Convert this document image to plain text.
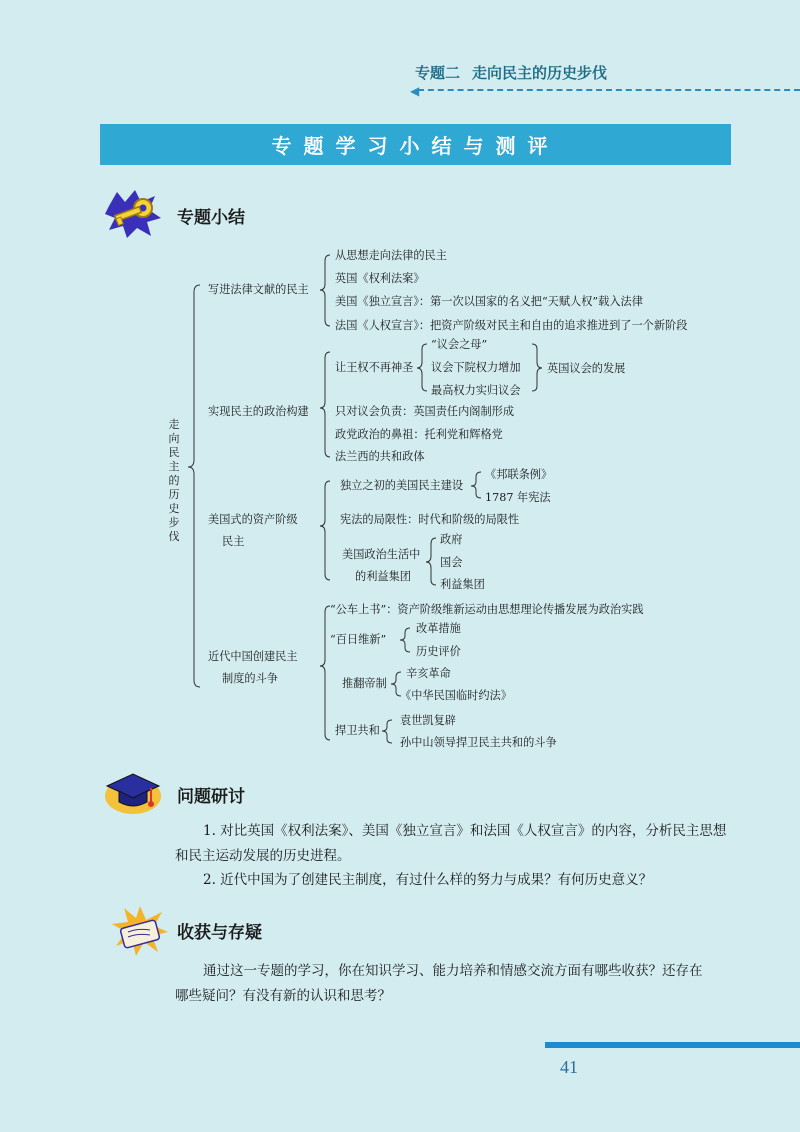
专题二 走向民主的历史步伐
◀
专题学习小结与测评
专题小结
走向民主的历史步伐
写进法律文献的民主
从思想走向法律的民主
英国《权利法案》
美国《独立宣言》：第一次以国家的名义把“天赋人权”载入法律
法国《人权宣言》：把资产阶级对民主和自由的追求推进到了一个新阶段
实现民主的政治构建
让王权不再神圣
“议会之母”
议会下院权力增加
最高权力实归议会
英国议会的发展
只对议会负责：英国责任内阁制形成
政党政治的鼻祖：托利党和辉格党
法兰西的共和政体
美国式的资产阶级
民主
独立之初的美国民主建设
《邦联条例》
1787 年宪法
宪法的局限性：时代和阶级的局限性
美国政治生活中
的利益集团
政府
国会
利益集团
近代中国创建民主
制度的斗争
“公车上书”：资产阶级维新运动由思想理论传播发展为政治实践
“百日维新”
改革措施
历史评价
推翻帝制
辛亥革命
《中华民国临时约法》
捍卫共和
袁世凯复辟
孙中山领导捍卫民主共和的斗争
问题研讨
1. 对比英国《权利法案》、美国《独立宣言》和法国《人权宣言》的内容，分析民主思想
和民主运动发展的历史进程。
2. 近代中国为了创建民主制度，有过什么样的努力与成果？有何历史意义？
收获与存疑
通过这一专题的学习，你在知识学习、能力培养和情感交流方面有哪些收获？还存在
哪些疑问？有没有新的认识和思考？
41
